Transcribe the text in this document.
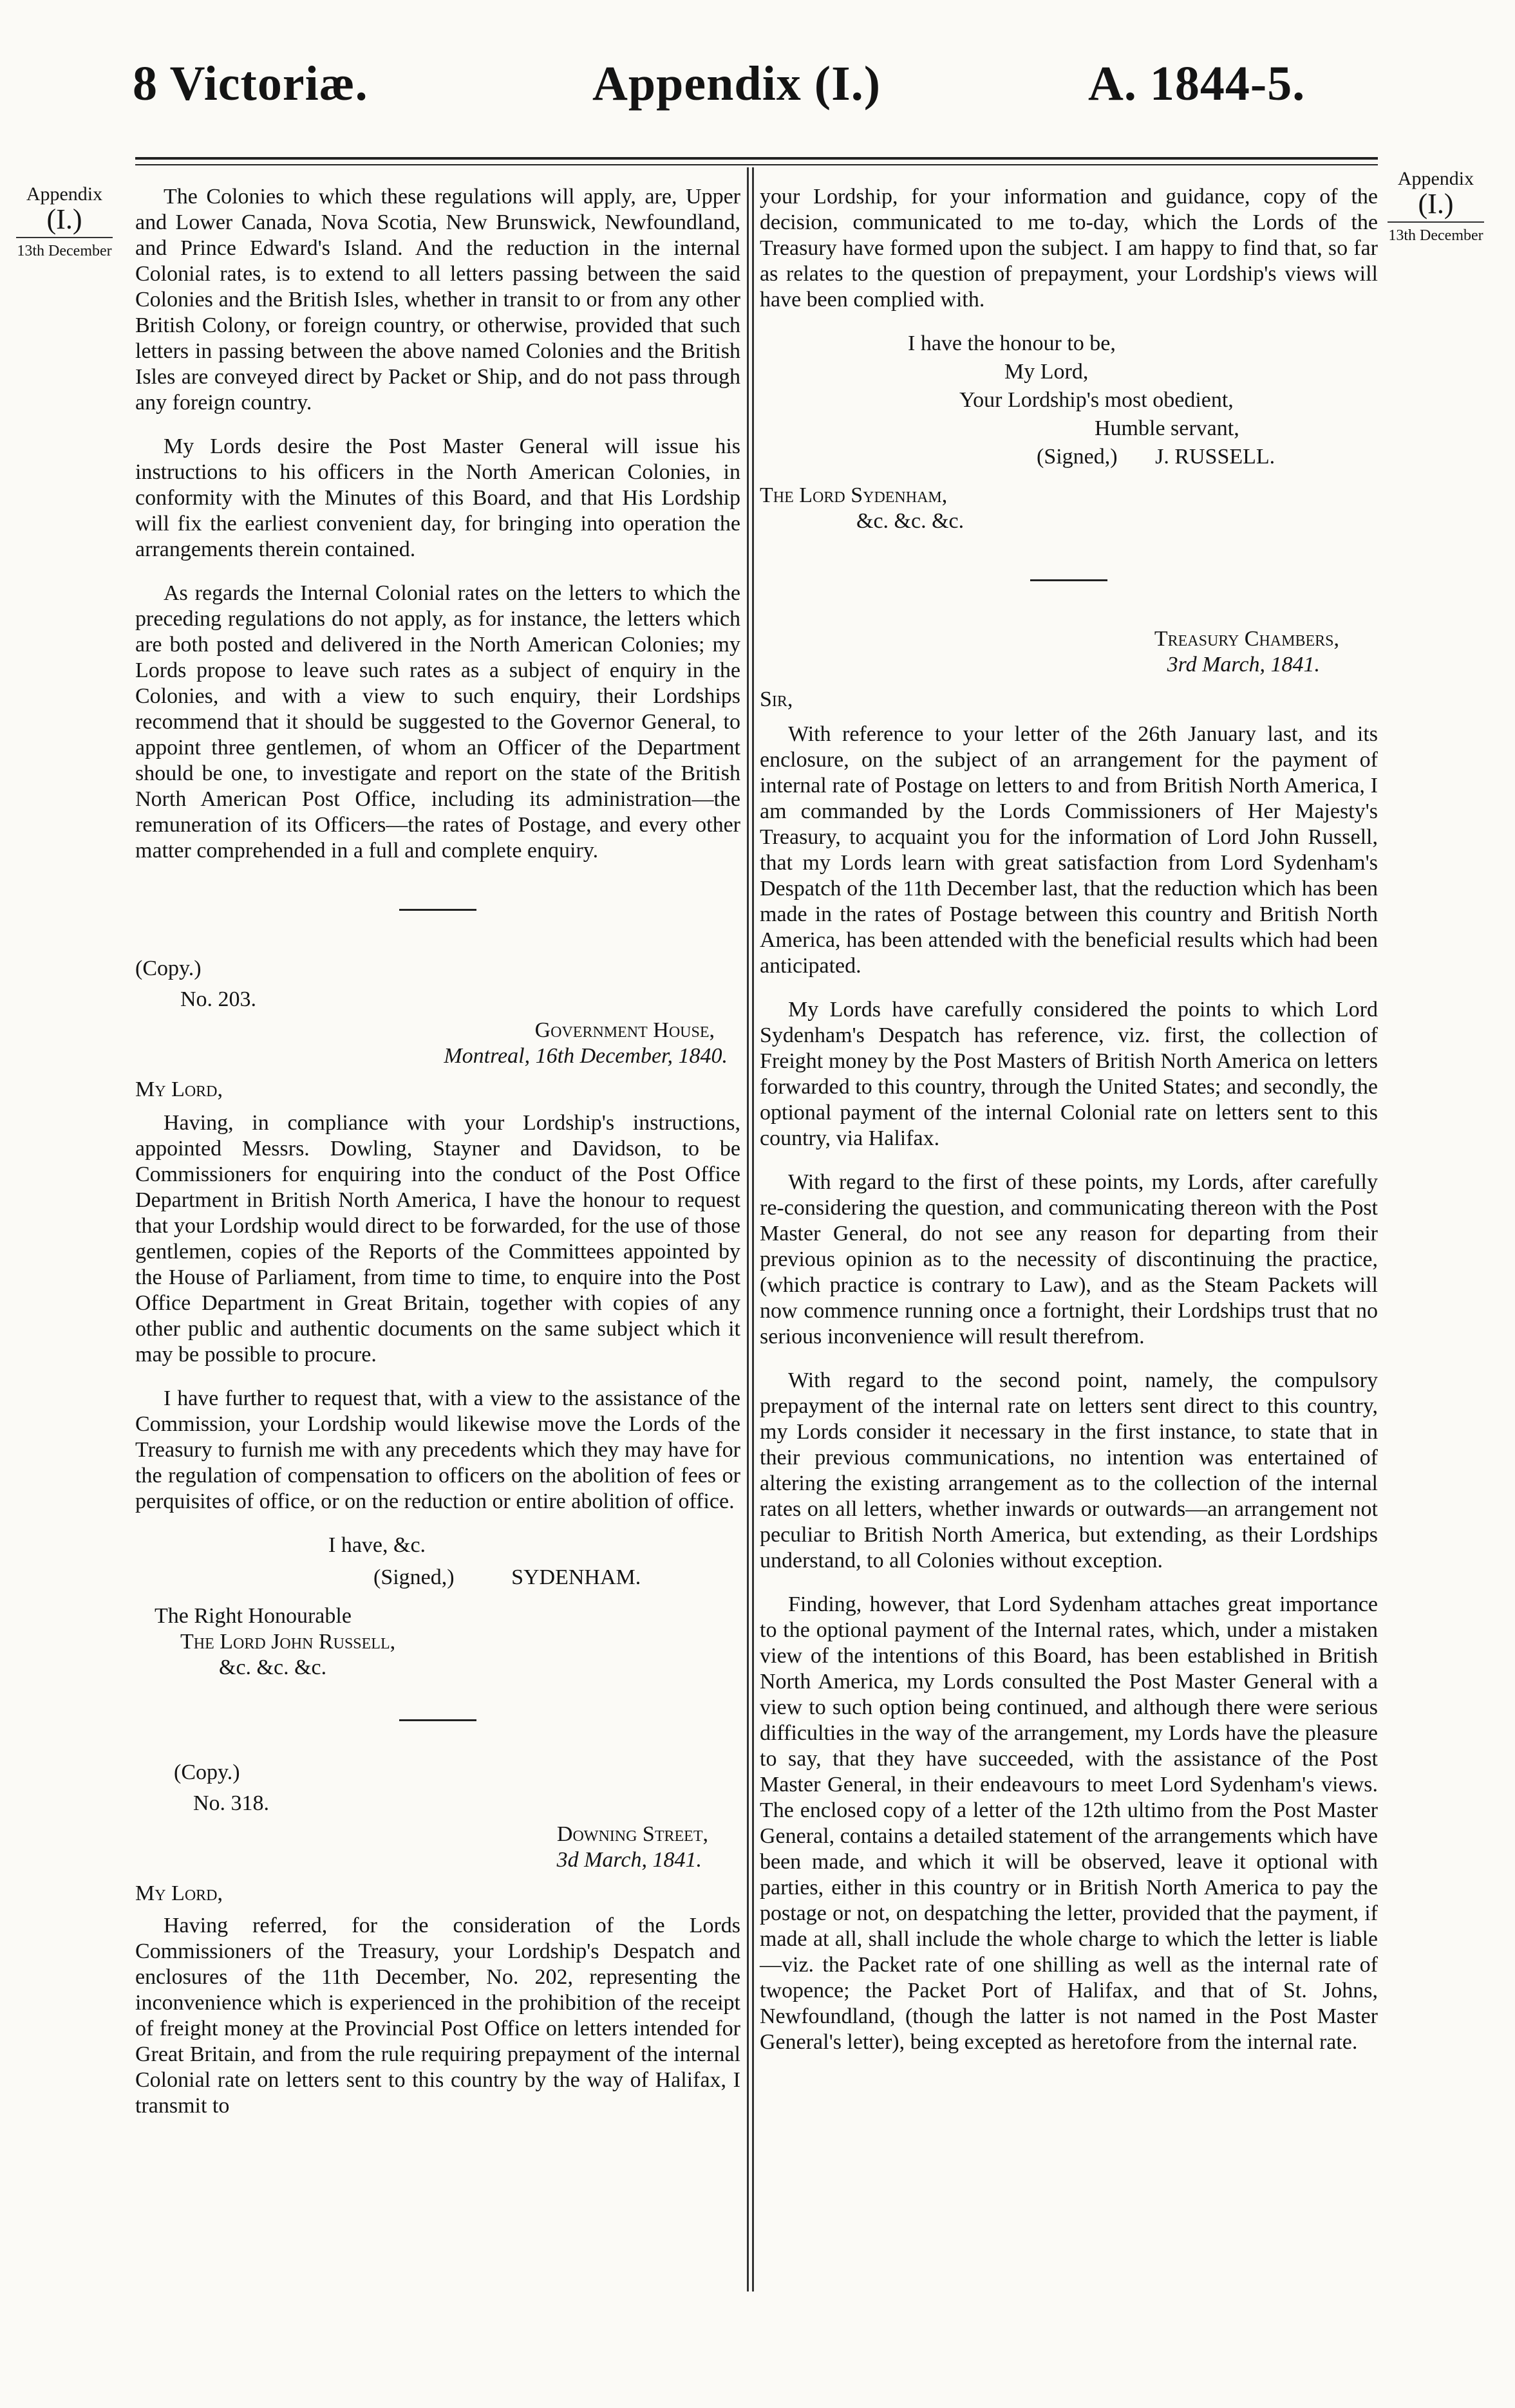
8 Victoriæ.	Appendix (I.)	A. 1844-5.
Appendix
(I.)
13th December
Appendix
(I.)
13th December

The Colonies to which these regulations will apply, are, Upper and Lower Canada, Nova Scotia, New Brunswick, Newfoundland, and Prince Edward's Island. And the reduction in the internal Colonial rates, is to extend to all letters passing between the said Colonies and the British Isles, whether in transit to or from any other British Colony, or foreign country, or otherwise, provided that such letters in passing between the above named Colonies and the British Isles are conveyed direct by Packet or Ship, and do not pass through any foreign country.

My Lords desire the Post Master General will issue his instructions to his officers in the North American Colonies, in conformity with the Minutes of this Board, and that His Lordship will fix the earliest convenient day, for bringing into operation the arrangements therein contained.

As regards the Internal Colonial rates on the letters to which the preceding regulations do not apply, as for instance, the letters which are both posted and delivered in the North American Colonies; my Lords propose to leave such rates as a subject of enquiry in the Colonies, and with a view to such enquiry, their Lordships recommend that it should be suggested to the Governor General, to appoint three gentlemen, of whom an Officer of the Department should be one, to investigate and report on the state of the British North American Post Office, including its administration—the remuneration of its Officers—the rates of Postage, and every other matter comprehended in a full and complete enquiry.

(Copy.)

No. 203.

Government House,

Montreal, 16th December, 1840.

My Lord,

Having, in compliance with your Lordship's instructions, appointed Messrs. Dowling, Stayner and Davidson, to be Commissioners for enquiring into the conduct of the Post Office Department in British North America, I have the honour to request that your Lordship would direct to be forwarded, for the use of those gentlemen, copies of the Reports of the Committees appointed by the House of Parliament, from time to time, to enquire into the Post Office Department in Great Britain, together with copies of any other public and authentic documents on the same subject which it may be possible to procure.

I have further to request that, with a view to the assistance of the Commission, your Lordship would likewise move the Lords of the Treasury to furnish me with any precedents which they may have for the regulation of compensation to officers on the abolition of fees or perquisites of office, or on the reduction or entire abolition of office.

I have, &c.

(Signed,)	SYDENHAM.

The Right Honourable

The Lord John Russell,

&c. &c. &c.

(Copy.)

No. 318.

Downing Street,

3d March, 1841.

My Lord,

Having referred, for the consideration of the Lords Commissioners of the Treasury, your Lordship's Despatch and enclosures of the 11th December, No. 202, representing the inconvenience which is experienced in the prohibition of the receipt of freight money at the Provincial Post Office on letters intended for Great Britain, and from the rule requiring prepayment of the internal Colonial rate on letters sent to this country by the way of Halifax, I transmit to

your Lordship, for your information and guidance, copy of the decision, communicated to me to-day, which the Lords of the Treasury have formed upon the subject. I am happy to find that, so far as relates to the question of prepayment, your Lordship's views will have been complied with.

I have the honour to be,

My Lord,

Your Lordship's most obedient,

Humble servant,

(Signed,) J. RUSSELL.

The Lord Sydenham,

&c. &c. &c.

Treasury Chambers,

3rd March, 1841.

Sir,

With reference to your letter of the 26th January last, and its enclosure, on the subject of an arrangement for the payment of internal rate of Postage on letters to and from British North America, I am commanded by the Lords Commissioners of Her Majesty's Treasury, to acquaint you for the information of Lord John Russell, that my Lords learn with great satisfaction from Lord Sydenham's Despatch of the 11th December last, that the reduction which has been made in the rates of Postage between this country and British North America, has been attended with the beneficial results which had been anticipated.

My Lords have carefully considered the points to which Lord Sydenham's Despatch has reference, viz. first, the collection of Freight money by the Post Masters of British North America on letters forwarded to this country, through the United States; and secondly, the optional payment of the internal Colonial rate on letters sent to this country, via Halifax.

With regard to the first of these points, my Lords, after carefully re-considering the question, and communicating thereon with the Post Master General, do not see any reason for departing from their previous opinion as to the necessity of discontinuing the practice, (which practice is contrary to Law), and as the Steam Packets will now commence running once a fortnight, their Lordships trust that no serious inconvenience will result therefrom.

With regard to the second point, namely, the compulsory prepayment of the internal rate on letters sent direct to this country, my Lords consider it necessary in the first instance, to state that in their previous communications, no intention was entertained of altering the existing arrangement as to the collection of the internal rates on all letters, whether inwards or outwards—an arrangement not peculiar to British North America, but extending, as their Lordships understand, to all Colonies without exception.

Finding, however, that Lord Sydenham attaches great importance to the optional payment of the Internal rates, which, under a mistaken view of the intentions of this Board, has been established in British North America, my Lords consulted the Post Master General with a view to such option being continued, and although there were serious difficulties in the way of the arrangement, my Lords have the pleasure to say, that they have succeeded, with the assistance of the Post Master General, in their endeavours to meet Lord Sydenham's views. The enclosed copy of a letter of the 12th ultimo from the Post Master General, contains a detailed statement of the arrangements which have been made, and which it will be observed, leave it optional with parties, either in this country or in British North America to pay the postage or not, on despatching the letter, provided that the payment, if made at all, shall include the whole charge to which the letter is liable—viz. the Packet rate of one shilling as well as the internal rate of twopence; the Packet Port of Halifax, and that of St. Johns, Newfoundland, (though the latter is not named in the Post Master General's letter), being excepted as heretofore from the internal rate.
